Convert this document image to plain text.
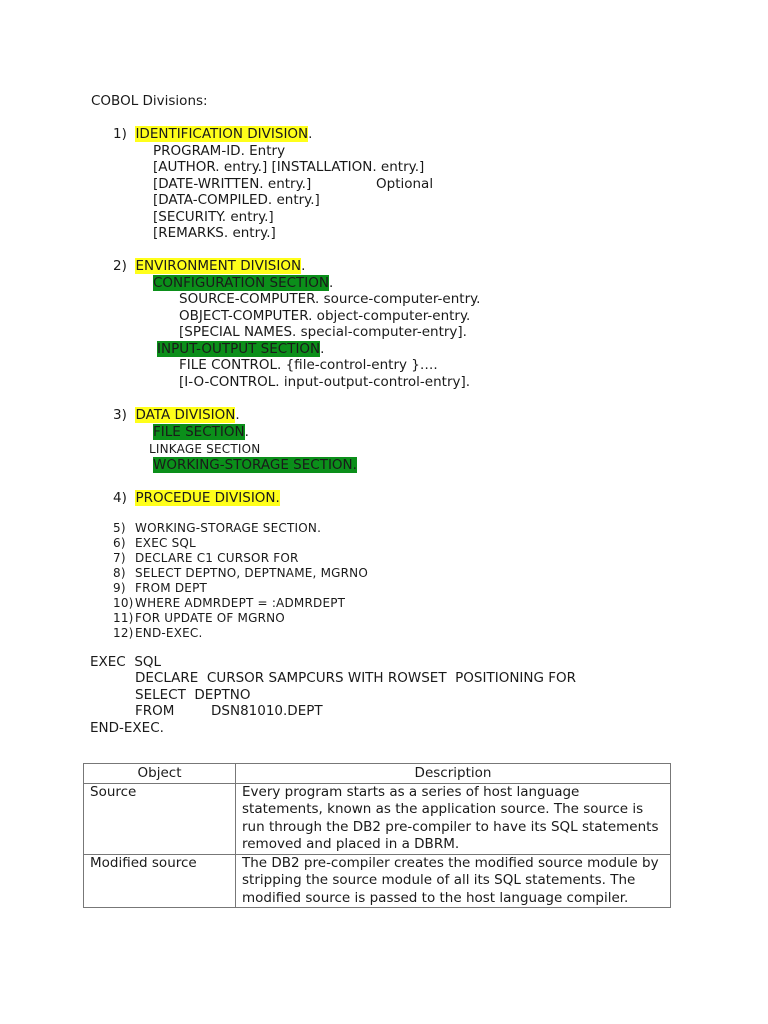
COBOL Divisions:
1) IDENTIFICATION DIVISION.
PROGRAM-ID. Entry
[AUTHOR. entry.] [INSTALLATION. entry.]
[DATE-WRITTEN. entry.]	Optional
[DATA-COMPILED. entry.]
[SECURITY. entry.]
[REMARKS. entry.]
2) ENVIRONMENT DIVISION.
CONFIGURATION SECTION.
SOURCE-COMPUTER. source-computer-entry.
OBJECT-COMPUTER. object-computer-entry.
[SPECIAL NAMES. special-computer-entry].
INPUT-OUTPUT SECTION.
FILE CONTROL. {file-control-entry }….
[I-O-CONTROL. input-output-control-entry].
3) DATA DIVISION.
FILE SECTION.
LINKAGE SECTION
WORKING-STORAGE SECTION.
4) PROCEDUE DIVISION.
5) WORKING-STORAGE SECTION.
6) EXEC SQL
7) DECLARE C1 CURSOR FOR
8) SELECT DEPTNO, DEPTNAME, MGRNO
9) FROM DEPT
10)WHERE ADMRDEPT = :ADMRDEPT
11)FOR UPDATE OF MGRNO
12)END-EXEC.
EXEC  SQL
DECLARE  CURSOR SAMPCURS WITH ROWSET  POSITIONING FOR
SELECT  DEPTNO
FROM	DSN81010.DEPT
END-EXEC.
Object	Description
Source	Every program starts as a series of host language statements, known as the application source. The source is run through the DB2 pre-compiler to have its SQL statements removed and placed in a DBRM.
Modified source	The DB2 pre-compiler creates the modified source module by stripping the source module of all its SQL statements. The modified source is passed to the host language compiler.
